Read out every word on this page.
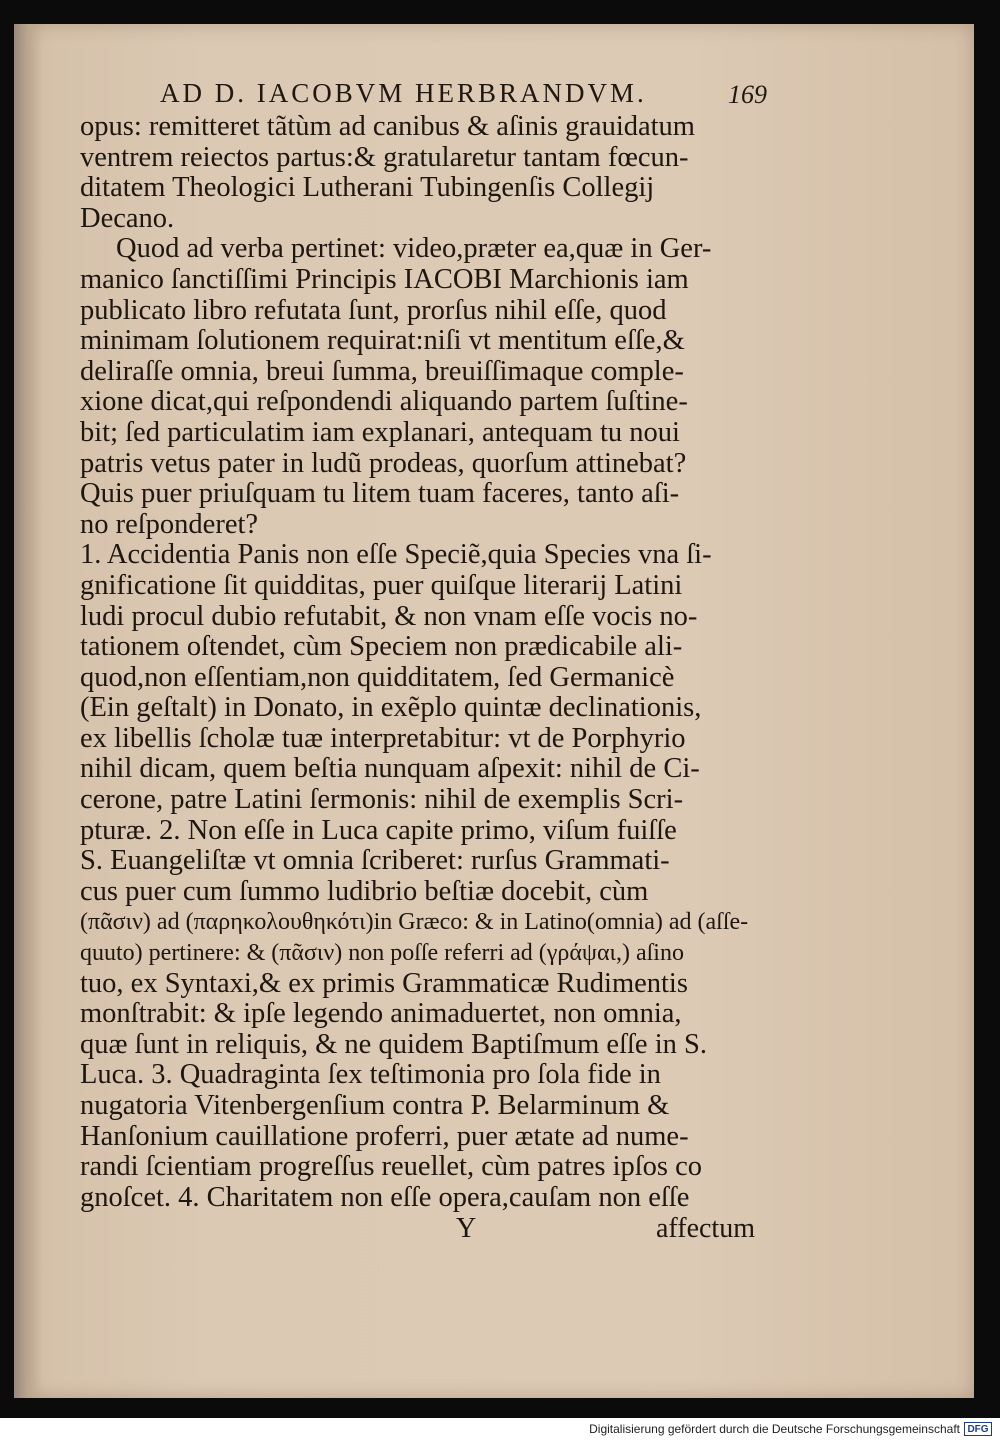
AD D. IACOBVM HERBRANDVM.	169
opus: remitteret tãtùm ad canibus & aſinis grauidatum
ventrem reiectos partus:& gratularetur tantam fœcun-
ditatem Theologici Lutherani Tubingenſis Collegij
Decano.
Quod ad verba pertinet: video,præter ea,quæ in Ger-
manico ſanctiſſimi Principis IACOBI Marchionis iam
publicato libro refutata ſunt, prorſus nihil eſſe, quod
minimam ſolutionem requirat:niſi vt mentitum eſſe,&
deliraſſe omnia, breui ſumma, breuiſſimaque comple-
xione dicat,qui reſpondendi aliquando partem ſuſtine-
bit; ſed particulatim iam explanari, antequam tu noui
patris vetus pater in ludũ prodeas, quorſum attinebat?
Quis puer priuſquam tu litem tuam faceres, tanto aſi-
no reſponderet?
1. Accidentia Panis non eſſe Speciẽ,quia Species vna ſi-
gnificatione ſit quidditas, puer quiſque literarij Latini
ludi procul dubio refutabit, & non vnam eſſe vocis no-
tationem oſtendet, cùm Speciem non prædicabile ali-
quod,non eſſentiam,non quidditatem, ſed Germanicè
(Ein geſtalt) in Donato, in exẽplo quintæ declinationis,
ex libellis ſcholæ tuæ interpretabitur: vt de Porphyrio
nihil dicam, quem beſtia nunquam aſpexit: nihil de Ci-
cerone, patre Latini ſermonis: nihil de exemplis Scri-
pturæ. 2. Non eſſe in Luca capite primo, viſum fuiſſe
S. Euangeliſtæ vt omnia ſcriberet: rurſus Grammati-
cus puer cum ſummo ludibrio beſtiæ docebit, cùm
(πᾶσιν) ad (παρηκολουθηκότι)in Græco: & in Latino(omnia) ad (aſſe-
quuto) pertinere: & (πᾶσιν) non poſſe referri ad (γράψαι,) aſino
tuo, ex Syntaxi,& ex primis Grammaticæ Rudimentis
monſtrabit: & ipſe legendo animaduertet, non omnia,
quæ ſunt in reliquis, & ne quidem Baptiſmum eſſe in S.
Luca. 3. Quadraginta ſex teſtimonia pro ſola fide in
nugatoria Vitenbergenſium contra P. Belarminum &
Hanſonium cauillatione proferri, puer ætate ad nume-
randi ſcientiam progreſſus reuellet, cùm patres ipſos co
gnoſcet. 4. Charitatem non eſſe opera,cauſam non eſſe
Y	affectum
Digitalisierung gefördert durch die Deutsche Forschungsgemeinschaft DFG
